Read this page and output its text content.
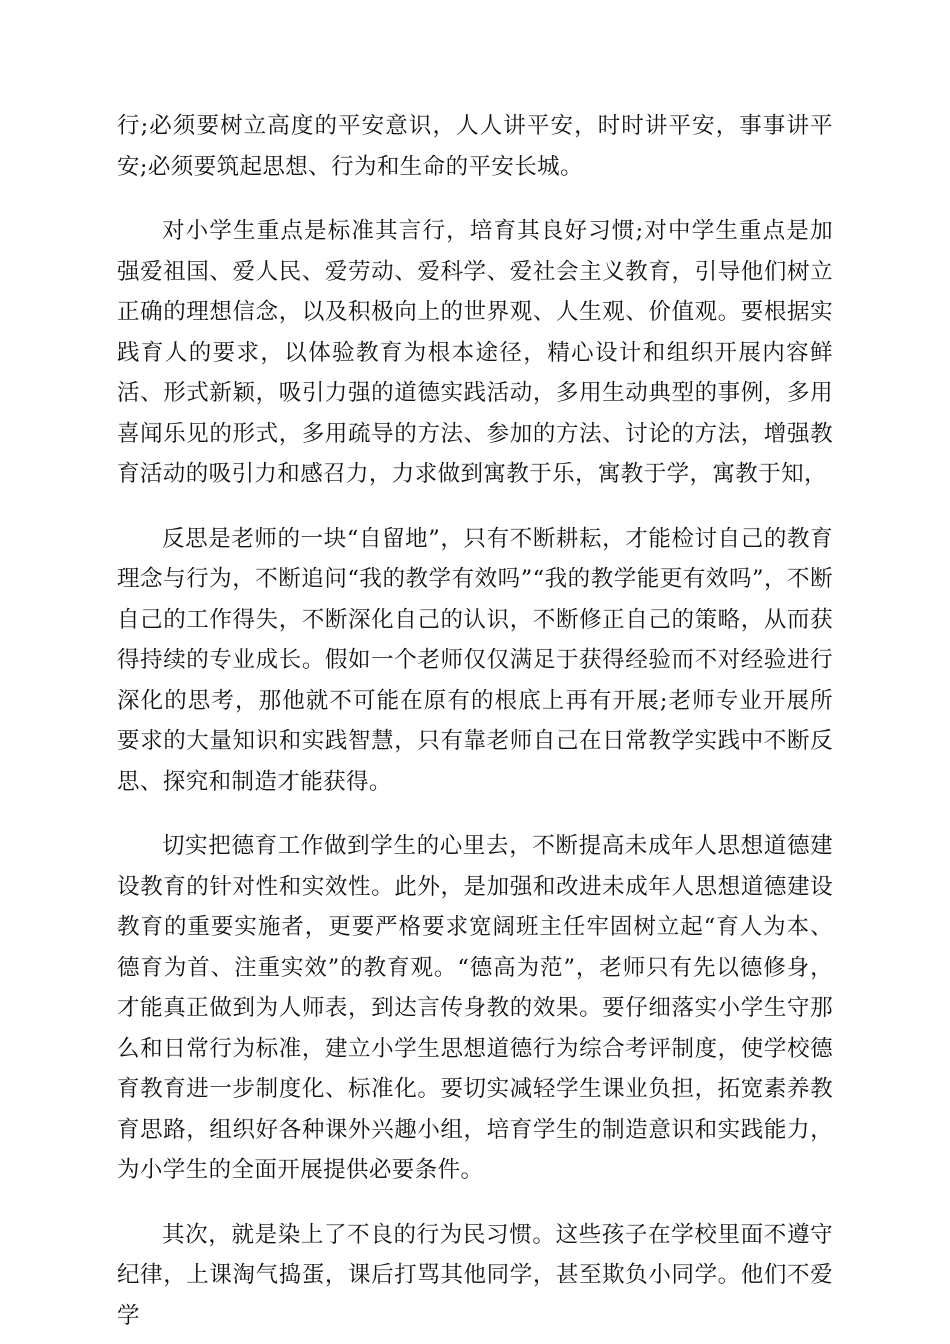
行;必须要树立高度的平安意识，人人讲平安，时时讲平安，事事讲平安;必须要筑起思想、行为和生命的平安长城。

对小学生重点是标准其言行，培育其良好习惯;对中学生重点是加强爱祖国、爱人民、爱劳动、爱科学、爱社会主义教育，引导他们树立正确的理想信念，以及积极向上的世界观、人生观、价值观。要根据实践育人的要求，以体验教育为根本途径，精心设计和组织开展内容鲜活、形式新颖，吸引力强的道德实践活动，多用生动典型的事例，多用喜闻乐见的形式，多用疏导的方法、参加的方法、讨论的方法，增强教育活动的吸引力和感召力，力求做到寓教于乐，寓教于学，寓教于知，

反思是老师的一块“自留地”，只有不断耕耘，才能检讨自己的教育理念与行为，不断追问“我的教学有效吗”“我的教学能更有效吗”，不断自己的工作得失，不断深化自己的认识，不断修正自己的策略，从而获得持续的专业成长。假如一个老师仅仅满足于获得经验而不对经验进行深化的思考，那他就不可能在原有的根底上再有开展;老师专业开展所要求的大量知识和实践智慧，只有靠老师自己在日常教学实践中不断反思、探究和制造才能获得。

切实把德育工作做到学生的心里去，不断提高未成年人思想道德建设教育的针对性和实效性。此外，是加强和改进未成年人思想道德建设教育的重要实施者，更要严格要求宽阔班主任牢固树立起“育人为本、德育为首、注重实效”的教育观。“德高为范”，老师只有先以德修身，才能真正做到为人师表，到达言传身教的效果。要仔细落实小学生守那么和日常行为标准，建立小学生思想道德行为综合考评制度，使学校德育教育进一步制度化、标准化。要切实减轻学生课业负担，拓宽素养教育思路，组织好各种课外兴趣小组，培育学生的制造意识和实践能力，为小学生的全面开展提供必要条件。

其次，就是染上了不良的行为民习惯。这些孩子在学校里面不遵守纪律，上课淘气捣蛋，课后打骂其他同学，甚至欺负小同学。他们不爱学
